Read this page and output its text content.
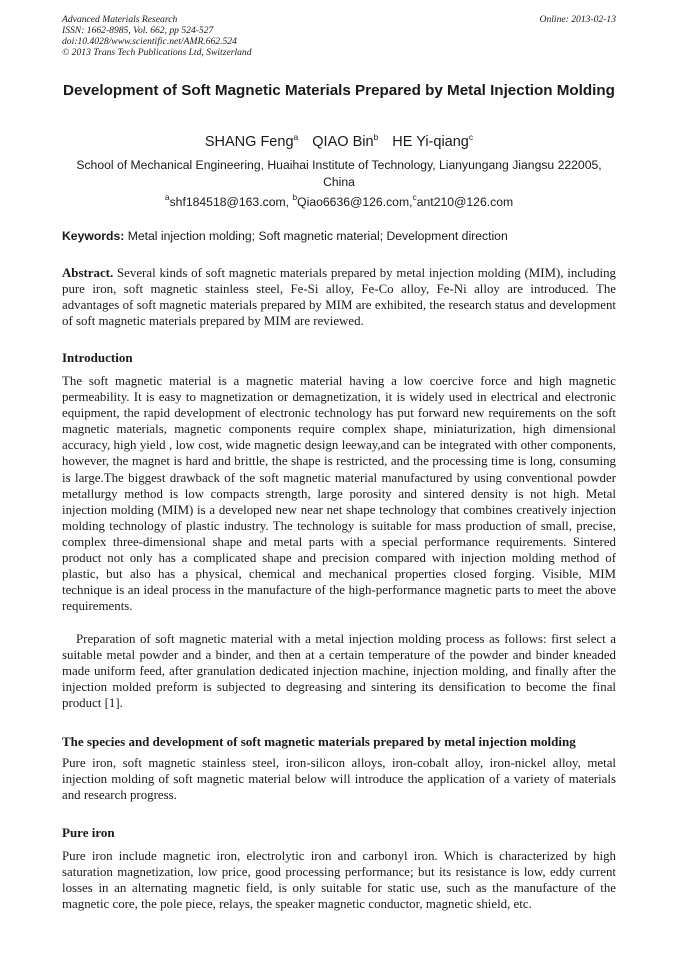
Advanced Materials Research
ISSN: 1662-8985, Vol. 662, pp 524-527
doi:10.4028/www.scientific.net/AMR.662.524
© 2013 Trans Tech Publications Ltd, Switzerland
Online: 2013-02-13
Development of Soft Magnetic Materials Prepared by Metal Injection Molding
SHANG Feng$^a$ QIAO Bin$^b$ HE Yi-qiang$^c$
School of Mechanical Engineering, Huaihai Institute of Technology, Lianyungang Jiangsu 222005, China
$^a$shf184518@163.com, $^b$Qiao6636@126.com,$^c$ant210@126.com
Keywords: Metal injection molding; Soft magnetic material; Development direction
Abstract. Several kinds of soft magnetic materials prepared by metal injection molding (MIM), including pure iron, soft magnetic stainless steel, Fe-Si alloy, Fe-Co alloy, Fe-Ni alloy are introduced. The advantages of soft magnetic materials prepared by MIM are exhibited, the research status and development of soft magnetic materials prepared by MIM are reviewed.
Introduction
The soft magnetic material is a magnetic material having a low coercive force and high magnetic permeability. It is easy to magnetization or demagnetization, it is widely used in electrical and electronic equipment, the rapid development of electronic technology has put forward new requirements on the soft magnetic materials, magnetic components require complex shape, miniaturization, high dimensional accuracy, high yield , low cost, wide magnetic design leeway,and can be integrated with other components, however, the magnet is hard and brittle, the shape is restricted, and the processing time is long, consuming is large.The biggest drawback of the soft magnetic material manufactured by using conventional powder metallurgy method is low compacts strength, large porosity and sintered density is not high. Metal injection molding (MIM) is a developed new near net shape technology that combines creatively injection molding technology of plastic industry. The technology is suitable for mass production of small, precise, complex three-dimensional shape and metal parts with a special performance requirements. Sintered product not only has a complicated shape and precision compared with injection molding method of plastic, but also has a physical, chemical and mechanical properties closed forging. Visible, MIM technique is an ideal process in the manufacture of the high-performance magnetic parts to meet the above requirements.
Preparation of soft magnetic material with a metal injection molding process as follows: first select a suitable metal powder and a binder, and then at a certain temperature of the powder and binder kneaded made uniform feed, after granulation dedicated injection machine, injection molding, and finally after the injection molded preform is subjected to degreasing and sintering its densification to become the final product [1].
The species and development of soft magnetic materials prepared by metal injection molding
Pure iron, soft magnetic stainless steel, iron-silicon alloys, iron-cobalt alloy, iron-nickel alloy, metal injection molding of soft magnetic material below will introduce the application of a variety of materials and research progress.
Pure iron
Pure iron include magnetic iron, electrolytic iron and carbonyl iron. Which is characterized by high saturation magnetization, low price, good processing performance; but its resistance is low, eddy current losses in an alternating magnetic field, is only suitable for static use, such as the manufacture of the magnetic core, the pole piece, relays, the speaker magnetic conductor, magnetic shield, etc.
